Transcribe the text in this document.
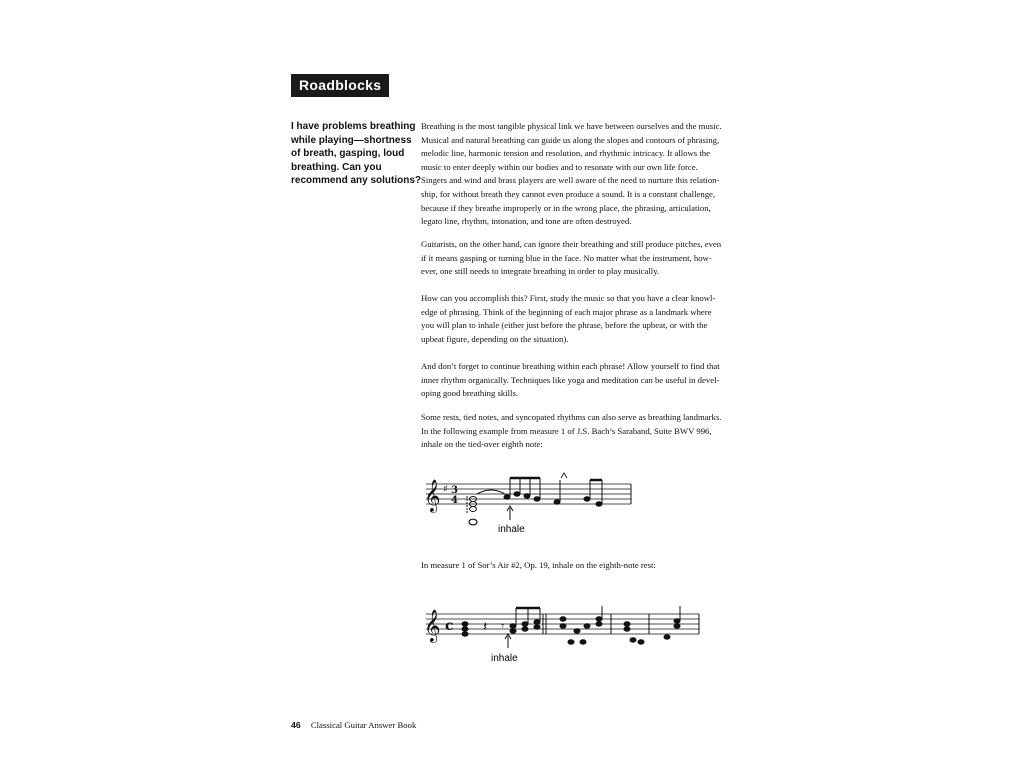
Roadblocks
I have problems breathing
while playing—shortness
of breath, gasping, loud
breathing. Can you
recommend any solutions?
Breathing is the most tangible physical link we have between ourselves and the music.
Musical and natural breathing can guide us along the slopes and contours of phrasing,
melodic line, harmonic tension and resolution, and rhythmic intricacy. It allows the
music to enter deeply within our bodies and to resonate with our own life force.
Singers and wind and brass players are well aware of the need to nurture this relation-
ship, for without breath they cannot even produce a sound. It is a constant challenge,
because if they breathe improperly or in the wrong place, the phrasing, articulation,
legato line, rhythm, intonation, and tone are often destroyed.
Guitarists, on the other hand, can ignore their breathing and still produce pitches, even
if it means gasping or turning blue in the face. No matter what the instrument, how-
ever, one still needs to integrate breathing in order to play musically.
How can you accomplish this? First, study the music so that you have a clear knowl-
edge of phrasing. Think of the beginning of each major phrase as a landmark where
you will plan to inhale (either just before the phrase, before the upbeat, or with the
upbeat figure, depending on the situation).
And don’t forget to continue breathing within each phrase! Allow yourself to find that
inner rhythm organically. Techniques like yoga and meditation can be useful in devel-
oping good breathing skills.
Some rests, tied notes, and syncopated rhythms can also serve as breathing landmarks.
In the following example from measure 1 of J.S. Bach’s Saraband, Suite BWV 996,
inhale on the tied-over eighth note:
𝄞 ♯ 3
4
inhale
In measure 1 of Sor’s Air #2, Op. 19, inhale on the eighth-note rest:
𝄞 c 𝄽 𝄾
inhale
46 Classical Guitar Answer Book
